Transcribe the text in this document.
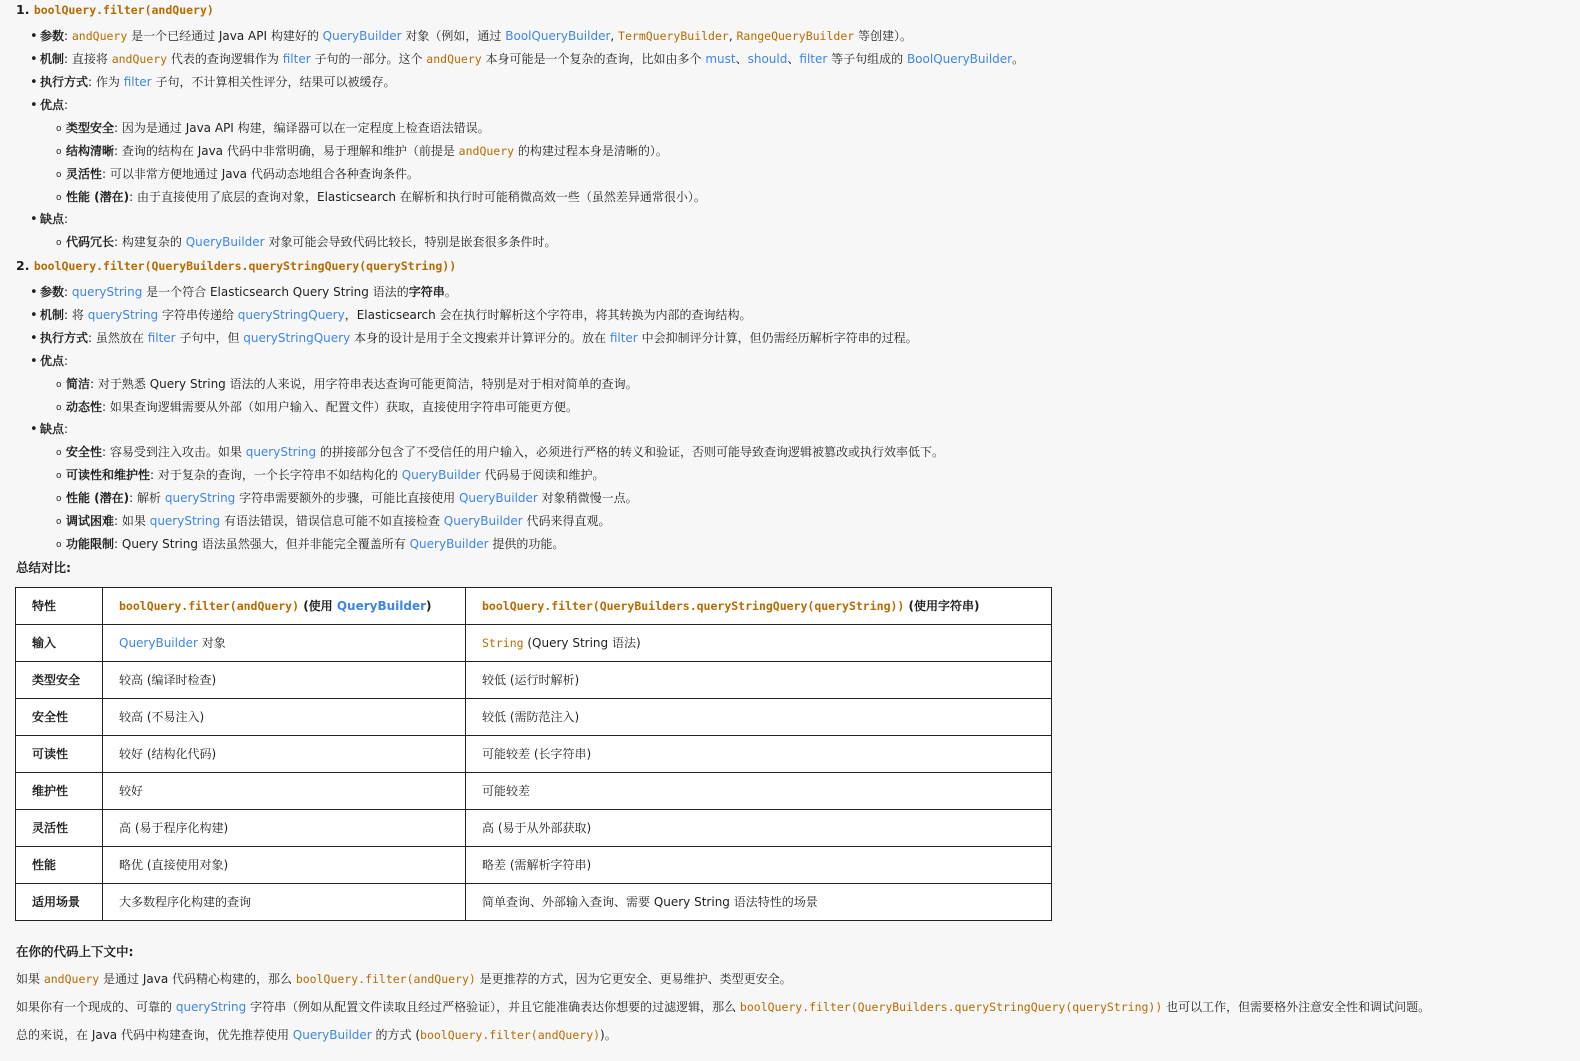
1. boolQuery.filter(andQuery)
• 参数: andQuery 是一个已经通过 Java API 构建好的 QueryBuilder 对象（例如，通过 BoolQueryBuilder, TermQueryBuilder, RangeQueryBuilder 等创建）。
• 机制: 直接将 andQuery 代表的查询逻辑作为 filter 子句的一部分。这个 andQuery 本身可能是一个复杂的查询，比如由多个 must、should、filter 等子句组成的 BoolQueryBuilder。
• 执行方式: 作为 filter 子句，不计算相关性评分，结果可以被缓存。
• 优点:
o 类型安全: 因为是通过 Java API 构建，编译器可以在一定程度上检查语法错误。
o 结构清晰: 查询的结构在 Java 代码中非常明确，易于理解和维护（前提是 andQuery 的构建过程本身是清晰的）。
o 灵活性: 可以非常方便地通过 Java 代码动态地组合各种查询条件。
o 性能 (潜在): 由于直接使用了底层的查询对象，Elasticsearch 在解析和执行时可能稍微高效一些（虽然差异通常很小）。
• 缺点:
o 代码冗长: 构建复杂的 QueryBuilder 对象可能会导致代码比较长，特别是嵌套很多条件时。
2. boolQuery.filter(QueryBuilders.queryStringQuery(queryString))
• 参数: queryString 是一个符合 Elasticsearch Query String 语法的字符串。
• 机制: 将 queryString 字符串传递给 queryStringQuery，Elasticsearch 会在执行时解析这个字符串，将其转换为内部的查询结构。
• 执行方式: 虽然放在 filter 子句中，但 queryStringQuery 本身的设计是用于全文搜索并计算评分的。放在 filter 中会抑制评分计算，但仍需经历解析字符串的过程。
• 优点:
o 简洁: 对于熟悉 Query String 语法的人来说，用字符串表达查询可能更简洁，特别是对于相对简单的查询。
o 动态性: 如果查询逻辑需要从外部（如用户输入、配置文件）获取，直接使用字符串可能更方便。
• 缺点:
o 安全性: 容易受到注入攻击。如果 queryString 的拼接部分包含了不受信任的用户输入，必须进行严格的转义和验证，否则可能导致查询逻辑被篡改或执行效率低下。
o 可读性和维护性: 对于复杂的查询，一个长字符串不如结构化的 QueryBuilder 代码易于阅读和维护。
o 性能 (潜在): 解析 queryString 字符串需要额外的步骤，可能比直接使用 QueryBuilder 对象稍微慢一点。
o 调试困难: 如果 queryString 有语法错误，错误信息可能不如直接检查 QueryBuilder 代码来得直观。
o 功能限制: Query String 语法虽然强大，但并非能完全覆盖所有 QueryBuilder 提供的功能。
总结对比:
特性	boolQuery.filter(andQuery) (使用 QueryBuilder)	boolQuery.filter(QueryBuilders.queryStringQuery(queryString)) (使用字符串)
输入	QueryBuilder 对象	String (Query String 语法)
类型安全	较高 (编译时检查)	较低 (运行时解析)
安全性	较高 (不易注入)	较低 (需防范注入)
可读性	较好 (结构化代码)	可能较差 (长字符串)
维护性	较好	可能较差
灵活性	高 (易于程序化构建)	高 (易于从外部获取)
性能	略优 (直接使用对象)	略差 (需解析字符串)
适用场景	大多数程序化构建的查询	简单查询、外部输入查询、需要 Query String 语法特性的场景
在你的代码上下文中:
如果 andQuery 是通过 Java 代码精心构建的，那么 boolQuery.filter(andQuery) 是更推荐的方式，因为它更安全、更易维护、类型更安全。
如果你有一个现成的、可靠的 queryString 字符串（例如从配置文件读取且经过严格验证），并且它能准确表达你想要的过滤逻辑，那么 boolQuery.filter(QueryBuilders.queryStringQuery(queryString)) 也可以工作，但需要格外注意安全性和调试问题。
总的来说，在 Java 代码中构建查询，优先推荐使用 QueryBuilder 的方式 (boolQuery.filter(andQuery))。
